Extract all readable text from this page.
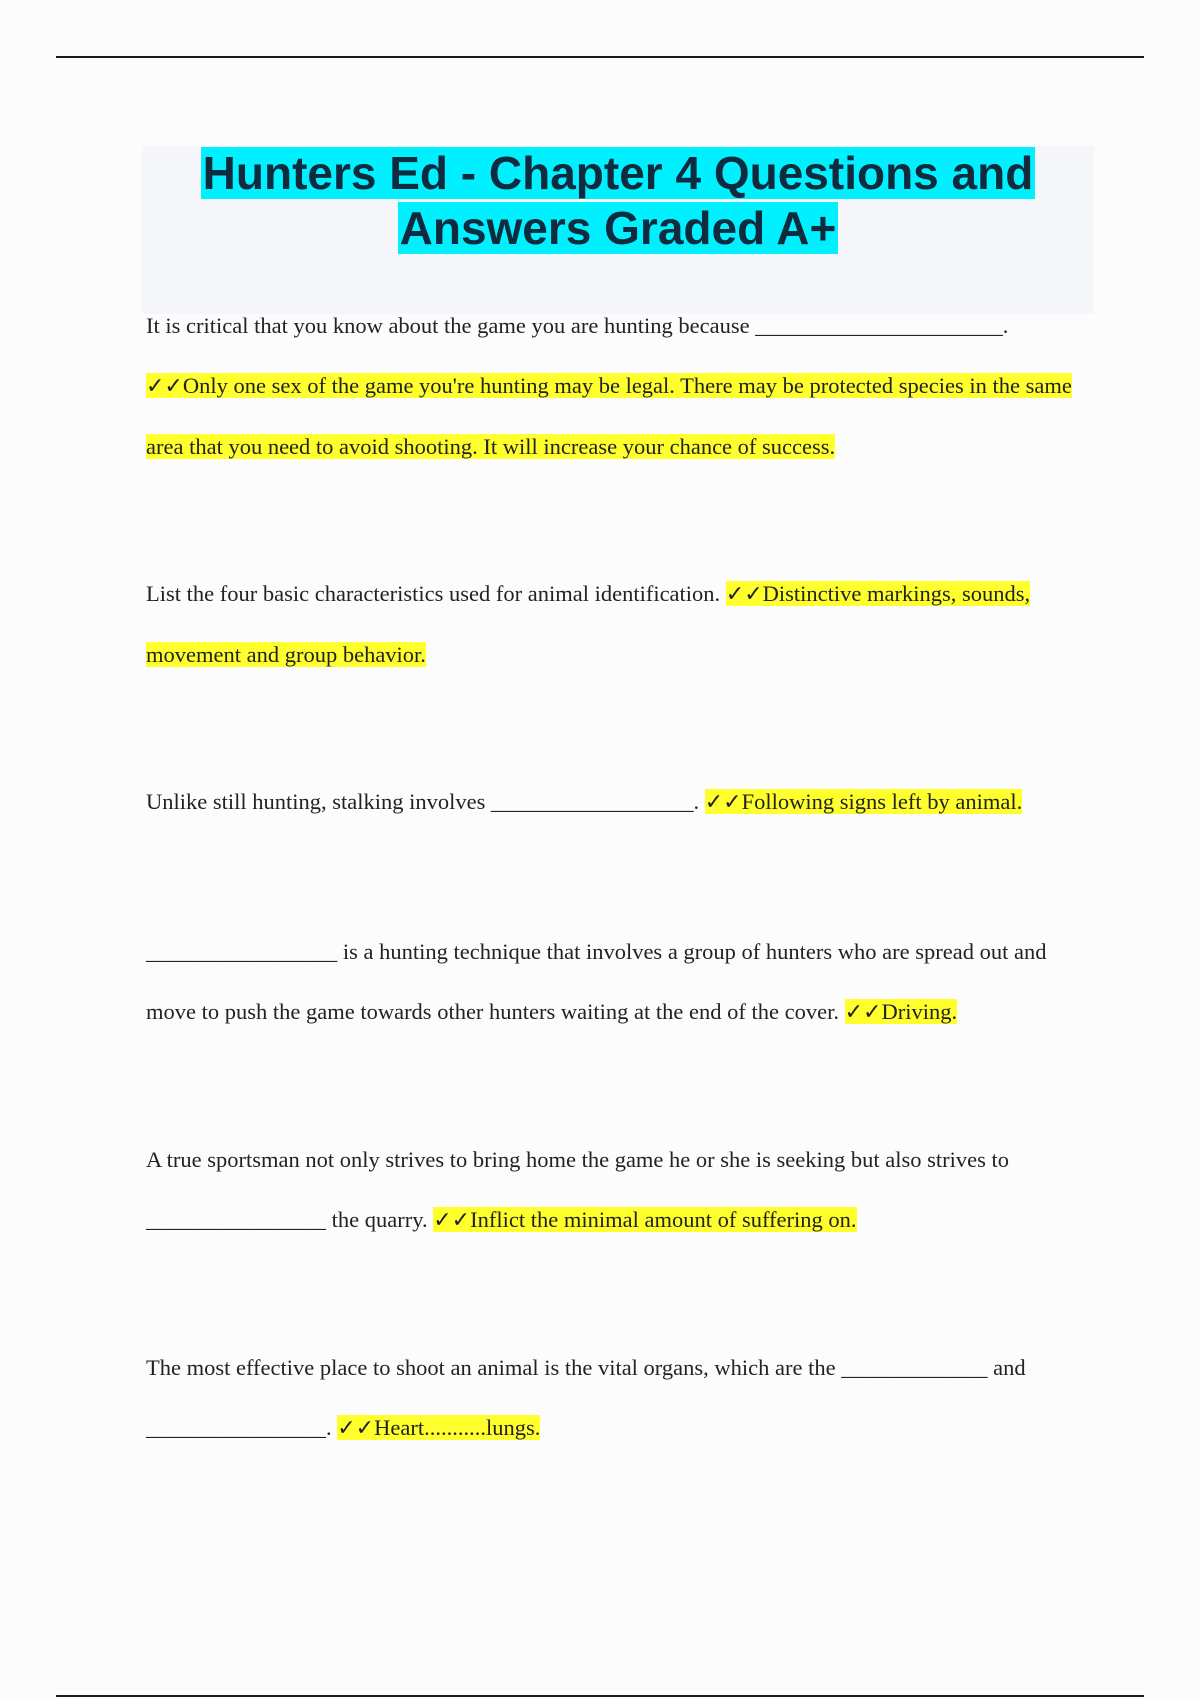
Hunters Ed - Chapter 4 Questions and
Answers Graded A+
It is critical that you know about the game you are hunting because ______________________. ✓✓Only one sex of the game you're hunting may be legal. There may be protected species in the same area that you need to avoid shooting. It will increase your chance of success.
List the four basic characteristics used for animal identification. ✓✓Distinctive markings, sounds, movement and group behavior.
Unlike still hunting, stalking involves __________________. ✓✓Following signs left by animal.
_________________ is a hunting technique that involves a group of hunters who are spread out and move to push the game towards other hunters waiting at the end of the cover. ✓✓Driving.
A true sportsman not only strives to bring home the game he or she is seeking but also strives to ________________ the quarry. ✓✓Inflict the minimal amount of suffering on.
The most effective place to shoot an animal is the vital organs, which are the _____________ and ________________. ✓✓Heart...........lungs.
